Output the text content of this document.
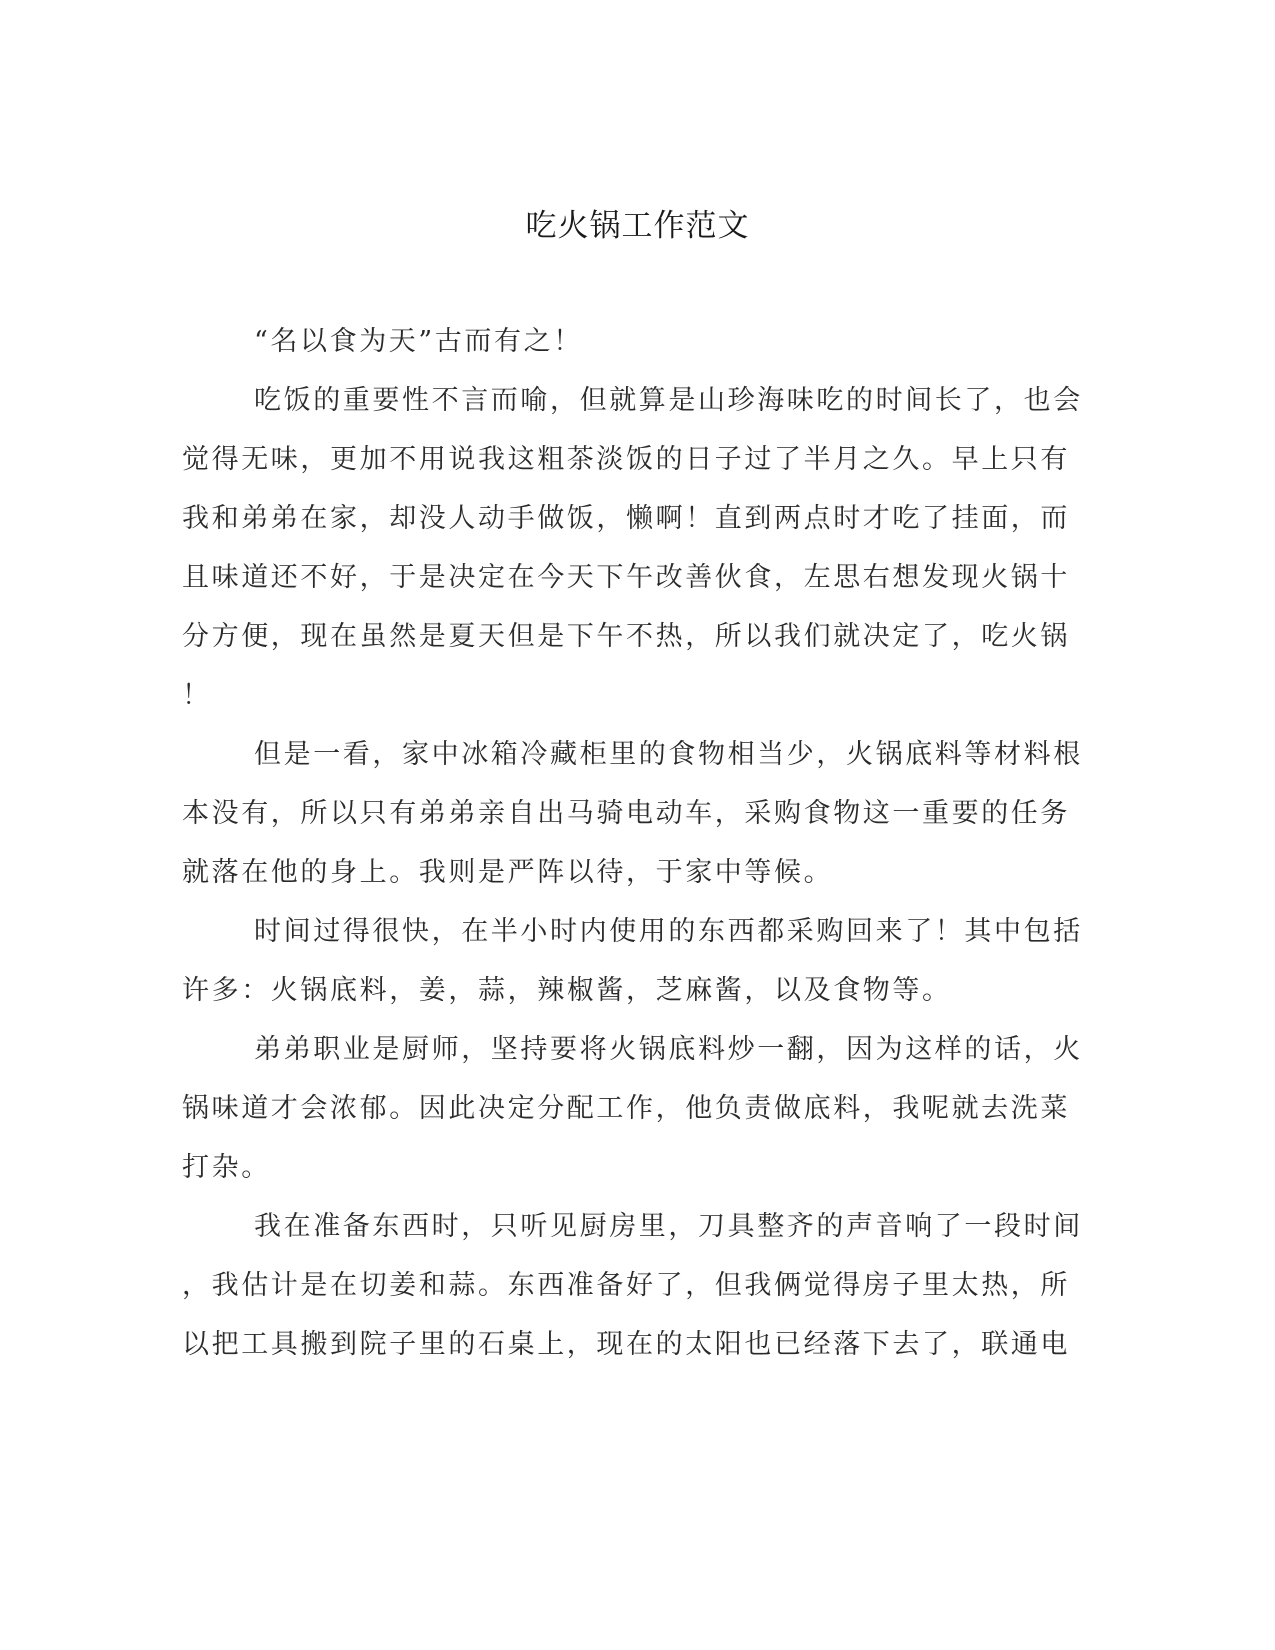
吃火锅工作范文
“名以食为天”古而有之！
吃饭的重要性不言而喻，但就算是山珍海味吃的时间长了，也会
觉得无味，更加不用说我这粗茶淡饭的日子过了半月之久。早上只有
我和弟弟在家，却没人动手做饭，懒啊！直到两点时才吃了挂面，而
且味道还不好，于是决定在今天下午改善伙食，左思右想发现火锅十
分方便，现在虽然是夏天但是下午不热，所以我们就决定了，吃火锅
！
但是一看，家中冰箱冷藏柜里的食物相当少，火锅底料等材料根
本没有，所以只有弟弟亲自出马骑电动车，采购食物这一重要的任务
就落在他的身上。我则是严阵以待，于家中等候。
时间过得很快，在半小时内使用的东西都采购回来了！其中包括
许多：火锅底料，姜，蒜，辣椒酱，芝麻酱，以及食物等。
弟弟职业是厨师，坚持要将火锅底料炒一翻，因为这样的话，火
锅味道才会浓郁。因此决定分配工作，他负责做底料，我呢就去洗菜
打杂。
我在准备东西时，只听见厨房里，刀具整齐的声音响了一段时间
，我估计是在切姜和蒜。东西准备好了，但我俩觉得房子里太热，所
以把工具搬到院子里的石桌上，现在的太阳也已经落下去了，联通电
